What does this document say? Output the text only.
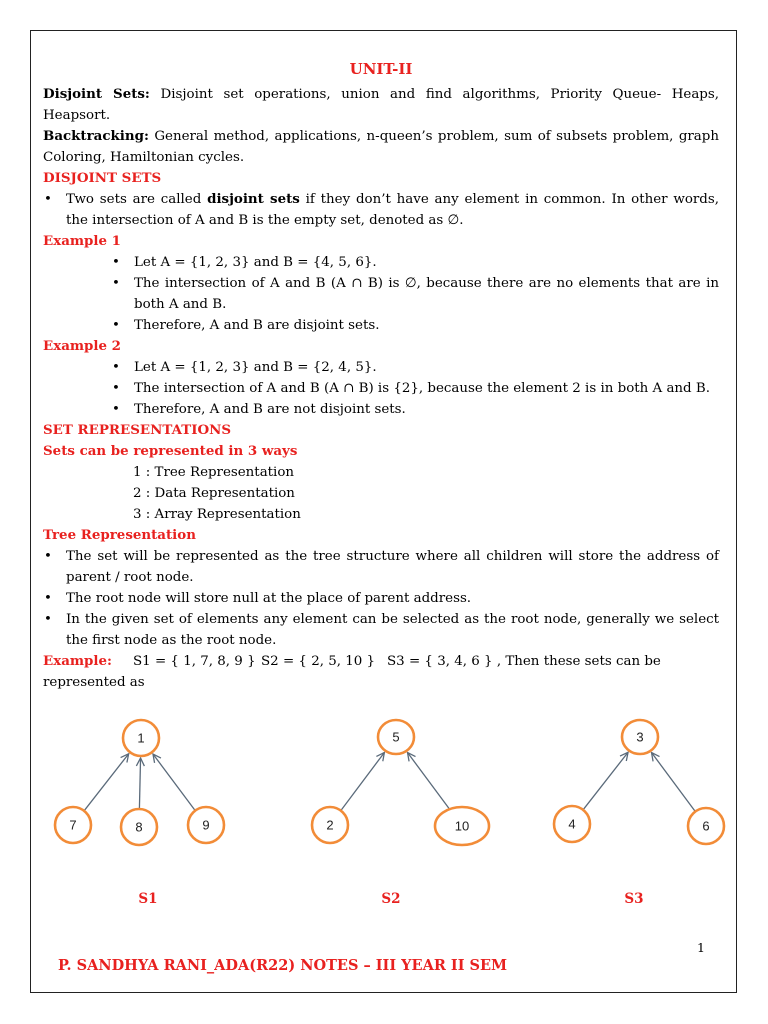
UNIT-II

Disjoint Sets: Disjoint set operations, union and find algorithms, Priority Queue- Heaps, Heapsort.

Backtracking: General method, applications, n-queen’s problem, sum of subsets problem, graph Coloring, Hamiltonian cycles.

DISJOINT SETS
• Two sets are called disjoint sets if they don’t have any element in common. In other words, the intersection of A and B is the empty set, denoted as ∅.
Example 1
• Let A = {1, 2, 3} and B = {4, 5, 6}.
• The intersection of A and B (A ∩ B) is ∅, because there are no elements that are in both A and B.
• Therefore, A and B are disjoint sets.
Example 2
• Let A = {1, 2, 3} and B = {2, 4, 5}.
• The intersection of A and B (A ∩ B) is {2}, because the element 2 is in both A and B.
• Therefore, A and B are not disjoint sets.
SET REPRESENTATIONS
Sets can be represented in 3 ways
1 : Tree Representation
2 : Data Representation
3 : Array Representation
Tree Representation
• The set will be represented as the tree structure where all children will store the address of parent / root node.
• The root node will store null at the place of parent address.
• In the given set of elements any element can be selected as the root node, generally we select the first node as the root node.
Example: S1 = { 1, 7, 8, 9 } S2 = { 2, 5, 10 } S3 = { 3, 4, 6 } , Then these sets can be represented as
1
7	8	9
S1
5
2	10
S2
3
4	6
S3
1
P. SANDHYA RANI_ADA(R22) NOTES – III YEAR II SEM
